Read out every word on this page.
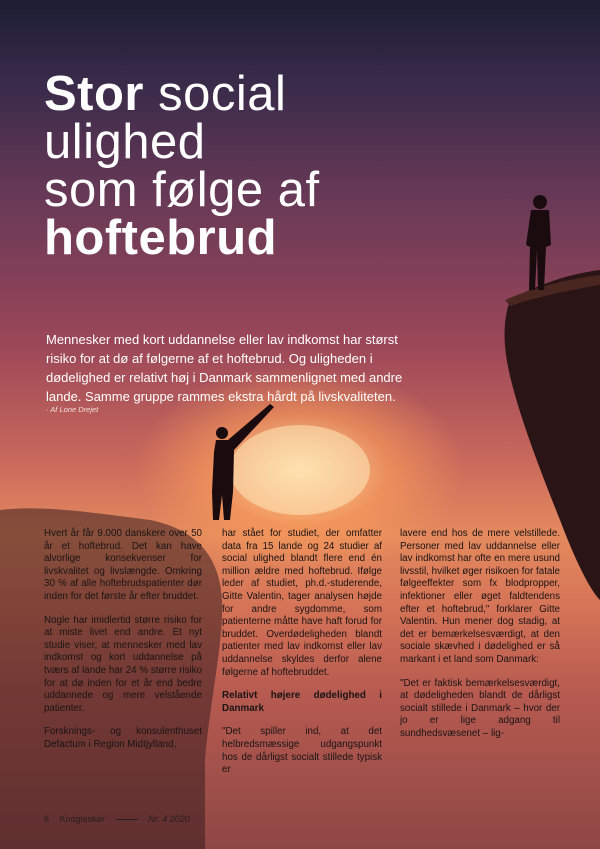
Stor social
ulighed
som følge af
hoftebrud
Mennesker med kort uddannelse eller lav indkomst har størst risiko for at dø af følgerne af et hoftebrud. Og uligheden i dødelighed er relativt høj i Danmark sammenlignet med andre lande. Samme gruppe rammes ekstra hårdt på livskvaliteten.
· Af Lone Drejet

Hvert år får 9.000 danskere over 50 år et hoftebrud. Det kan have alvorlige konsekvenser for livskvalitet og livslængde. Omkring 30 % af alle hoftebrudspatienter dør inden for det første år efter bruddet.

Nogle har imidlertid større risiko for at miste livet end andre. Et nyt studie viser, at mennesker med lav indkomst og kort uddannelse på tværs af lande har 24 % større risiko for at dø inden for et år end bedre uddannede og mere velstående patienter.

Forsknings- og konsulenthuset Defactum i Region Midtjylland,

har stået for studiet, der omfatter data fra 15 lande og 24 studier af social ulighed blandt flere end én million ældre med hoftebrud. Ifølge leder af studiet, ph.d.-studerende, Gitte Valentin, tager analysen højde for andre sygdomme, som patienterne måtte have haft forud for bruddet. Overdødeligheden blandt patienter med lav indkomst eller lav uddannelse skyldes derfor alene følgerne af hoftebruddet.

Relativt højere dødelighed i Danmark

"Det spiller ind, at det helbredsmæssige udgangspunkt hos de dårligst socialt stillede typisk er

lavere end hos de mere velstillede. Personer med lav uddannelse eller lav indkomst har ofte en mere usund livsstil, hvilket øger risikoen for fatale følgeeffekter som fx blodpropper, infektioner eller øget faldtendens efter et hoftebrud," forklarer Gitte Valentin. Hun mener dog stadig, at det er bemærkelsesværdigt, at den sociale skævhed i dødelighed er så markant i et land som Danmark:

"Det er faktisk bemærkelsesværdigt, at dødeligheden blandt de dårligst socialt stillede i Danmark – hvor der jo er lige adgang til sundhedsvæsenet – lig-

6 Knogleskør	Nr. 4 2020
